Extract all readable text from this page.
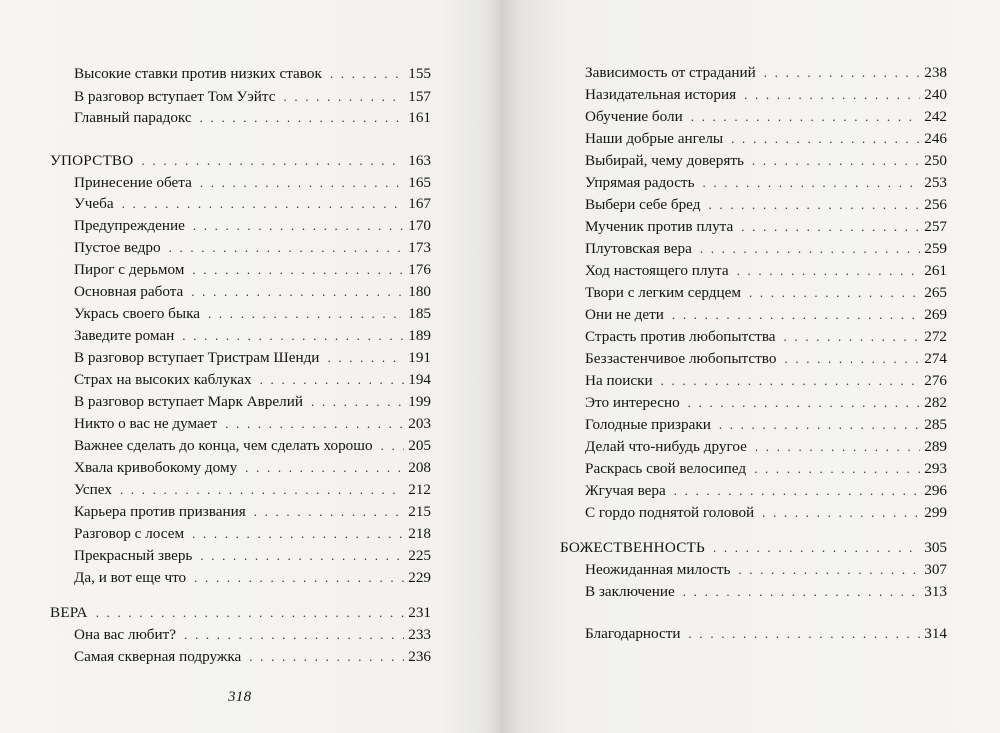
Высокие ставки против низких ставок . . .	155
В разговор вступает Том Уэйтс . . .	157
Главный парадокс . . .	161
УПОРСТВО . . .	163
Принесение обета . . .	165
Учеба . . .	167
Предупреждение . . .	170
Пустое ведро . . .	173
Пирог с дерьмом . . .	176
Основная работа . . .	180
Укрась своего быка . . .	185
Заведите роман . . .	189
В разговор вступает Тристрам Шенди . . .	191
Страх на высоких каблуках . . .	194
В разговор вступает Марк Аврелий . . .	199
Никто о вас не думает . . .	203
Важнее сделать до конца, чем сделать хорошо . . . 205
Хвала кривобокому дому . . .	208
Успех . . .	212
Карьера против призвания . . .	215
Разговор с лосем . . .	218
Прекрасный зверь . . .	225
Да, и вот еще что . . .	229
ВЕРА . . .	231
Она вас любит? . . .	233
Самая скверная подружка . . .	236
318
Зависимость от страданий . . .	238
Назидательная история . . .	240
Обучение боли . . .	242
Наши добрые ангелы . . .	246
Выбирай, чему доверять . . .	250
Упрямая радость . . .	253
Выбери себе бред . . .	256
Мученик против плута . . .	257
Плутовская вера . . .	259
Ход настоящего плута . . .	261
Твори с легким сердцем . . .	265
Они не дети . . .	269
Страсть против любопытства . . .	272
Беззастенчивое любопытство . . .	274
На поиски . . .	276
Это интересно . . .	282
Голодные призраки . . .	285
Делай что-нибудь другое . . .	289
Раскрась свой велосипед . . .	293
Жгучая вера . . .	296
С гордо поднятой головой . . .	299
БОЖЕСТВЕННОСТЬ . . .	305
Неожиданная милость . . .	307
В заключение . . .	313
Благодарности . . .	314
